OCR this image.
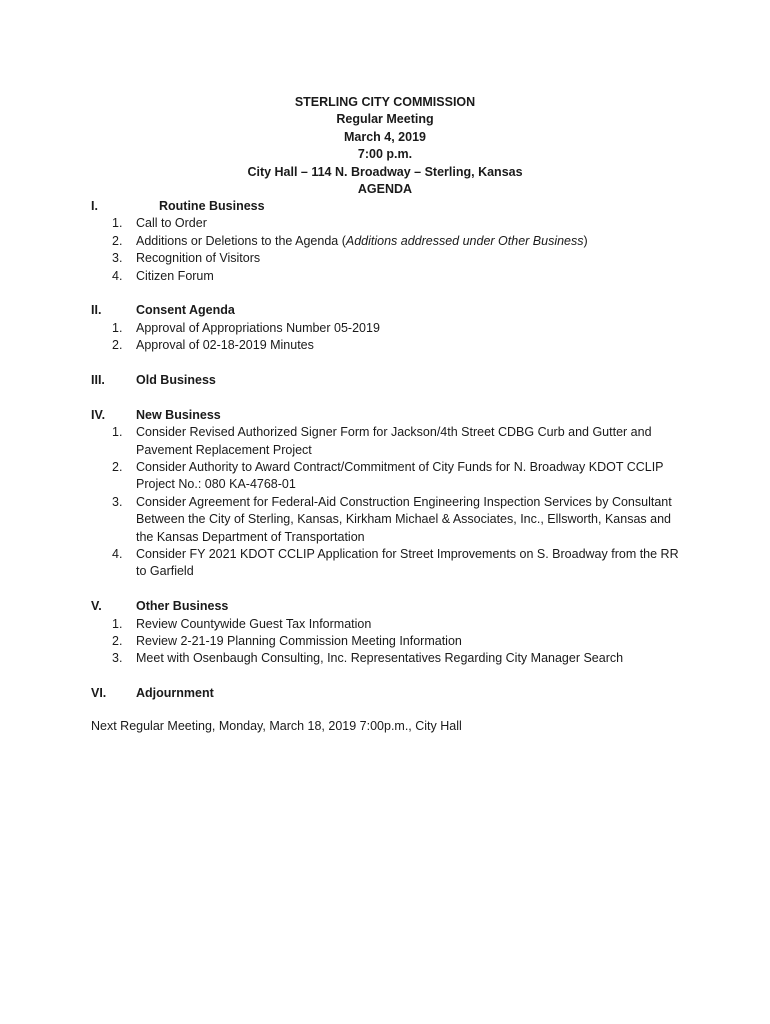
STERLING CITY COMMISSION
Regular Meeting
March 4, 2019
7:00 p.m.
City Hall – 114 N. Broadway – Sterling, Kansas
AGENDA
I.	Routine Business
1. Call to Order
2. Additions or Deletions to the Agenda (Additions addressed under Other Business)
3. Recognition of Visitors
4. Citizen Forum
II.	Consent Agenda
1. Approval of Appropriations Number 05-2019
2. Approval of 02-18-2019 Minutes
III. Old Business
IV. New Business
1. Consider Revised Authorized Signer Form for Jackson/4th Street CDBG Curb and Gutter and
Pavement Replacement Project
2. Consider Authority to Award Contract/Commitment of City Funds for N. Broadway KDOT CCLIP
Project No.: 080 KA-4768-01
3. Consider Agreement for Federal-Aid Construction Engineering Inspection Services by Consultant
Between the City of Sterling, Kansas, Kirkham Michael & Associates, Inc., Ellsworth, Kansas and
the Kansas Department of Transportation
4. Consider FY 2021 KDOT CCLIP Application for Street Improvements on S. Broadway from the RR
to Garfield
V.	Other Business
1. Review Countywide Guest Tax Information
2. Review 2-21-19 Planning Commission Meeting Information
3. Meet with Osenbaugh Consulting, Inc. Representatives Regarding City Manager Search
VI. Adjournment
Next Regular Meeting, Monday, March 18, 2019 7:00p.m., City Hall
